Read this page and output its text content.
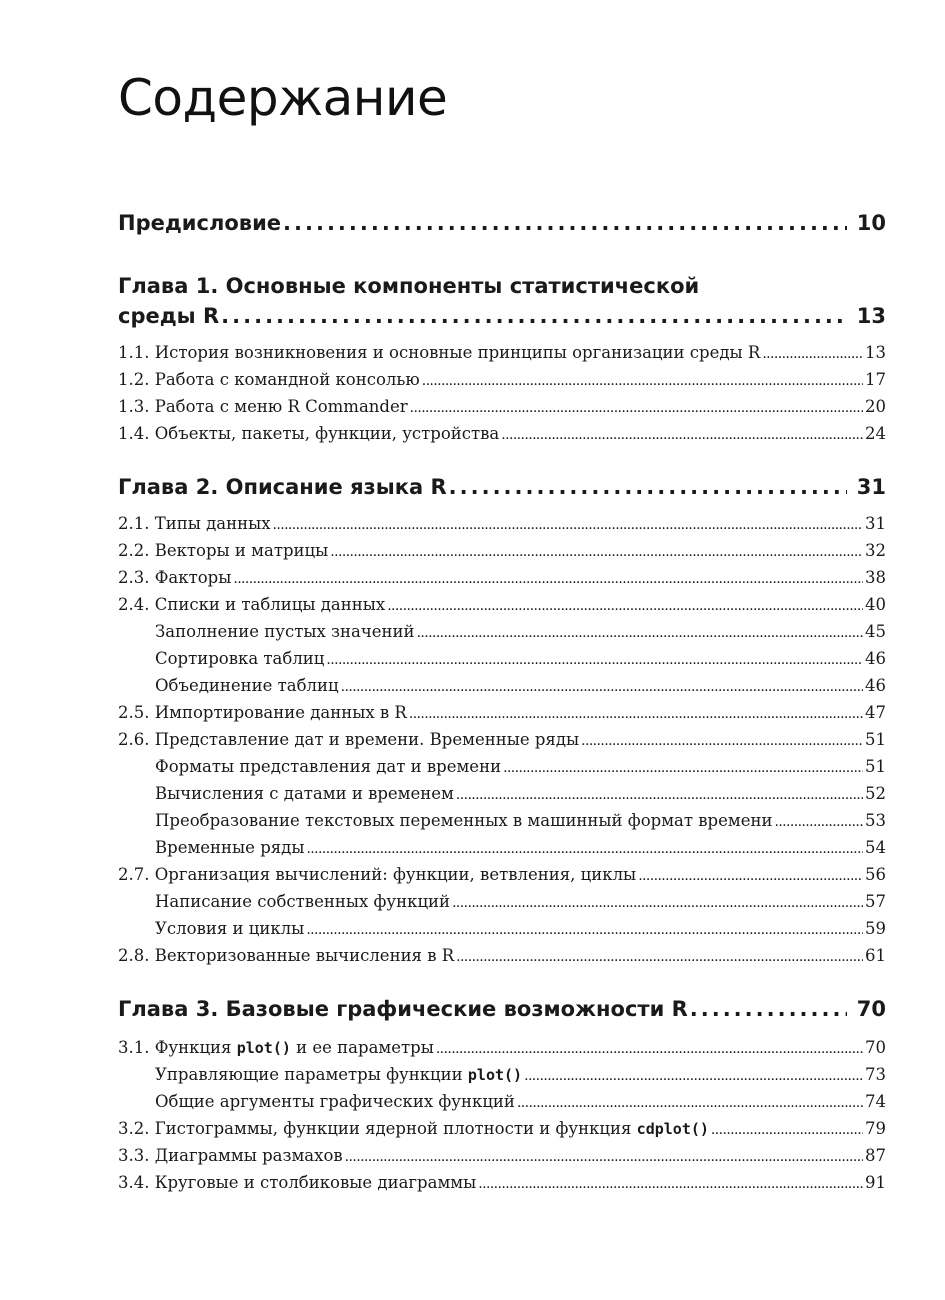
Содержание
Предисловие .....	10
Глава 1. Основные компоненты статистической
среды R .....	13
1.1. История возникновения и основные принципы организации среды R .....	13
1.2. Работа с командной консолью .....	17
1.3. Работа с меню R Commander .....	20
1.4. Объекты, пакеты, функции, устройства .....	24
Глава 2. Описание языка R .....	31
2.1. Типы данных .....	31
2.2. Векторы и матрицы .....	32
2.3. Факторы .....	38
2.4. Списки и таблицы данных .....	40
Заполнение пустых значений .....	45
Сортировка таблиц .....	46
Объединение таблиц .....	46
2.5. Импортирование данных в R .....	47
2.6. Представление дат и времени. Временные ряды .....	51
Форматы представления дат и времени .....	51
Вычисления с датами и временем .....	52
Преобразование текстовых переменных в машинный формат времени .....	53
Временные ряды .....	54
2.7. Организация вычислений: функции, ветвления, циклы .....	56
Написание собственных функций .....	57
Условия и циклы .....	59
2.8. Векторизованные вычисления в R .....	61
Глава 3. Базовые графические возможности R .....	70
3.1. Функция plot() и ее параметры .....	70
Управляющие параметры функции plot() .....	73
Общие аргументы графических функций .....	74
3.2. Гистограммы, функции ядерной плотности и функция cdplot() .....	79
3.3. Диаграммы размахов .....	87
3.4. Круговые и столбиковые диаграммы .....	91
